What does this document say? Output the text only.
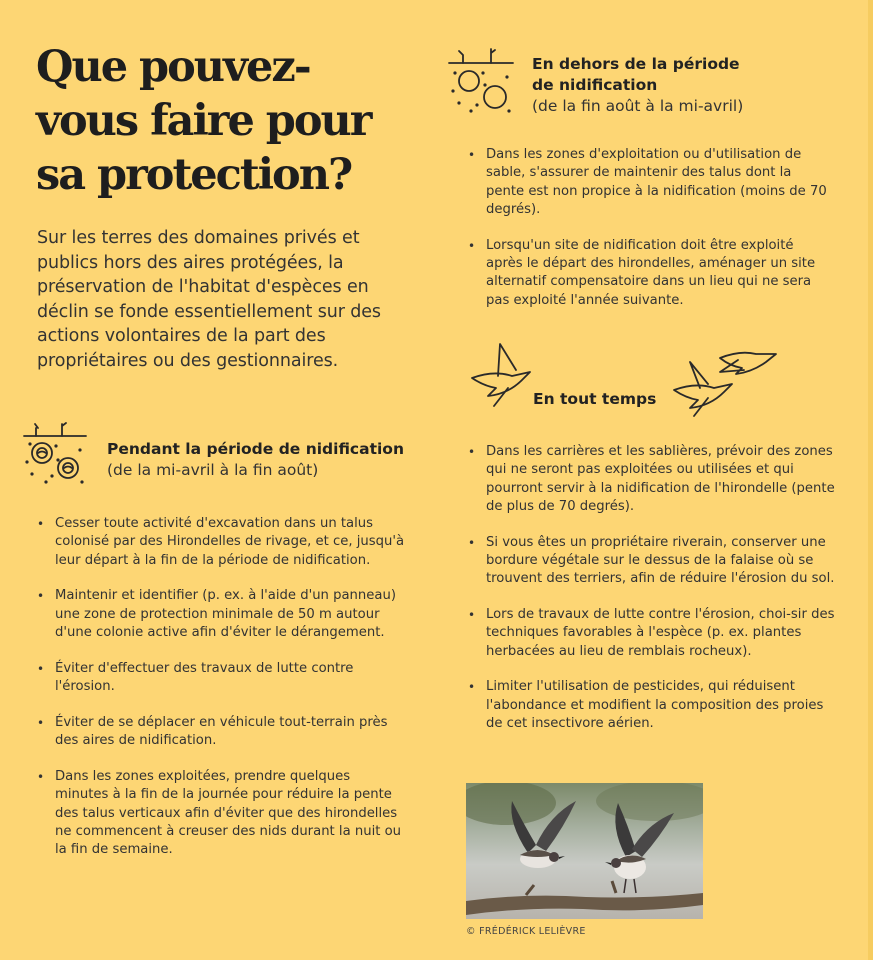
Que pouvez-
vous faire pour
sa protection?
Sur les terres des domaines privés et publics hors des aires protégées, la préservation de l'habitat d'espèces en déclin se fonde essentiellement sur des actions volontaires de la part des propriétaires ou des gestionnaires.
Pendant la période de nidification
(de la mi-avril à la fin août)
• Cesser toute activité d'excavation dans un talus colonisé par des Hirondelles de rivage, et ce, jusqu'à leur départ à la fin de la période de nidification.
• Maintenir et identifier (p. ex. à l'aide d'un panneau) une zone de protection minimale de 50 m autour d'une colonie active afin d'éviter le dérangement.
• Éviter d'effectuer des travaux de lutte contre l'érosion.
• Éviter de se déplacer en véhicule tout-terrain près des aires de nidification.
• Dans les zones exploitées, prendre quelques minutes à la fin de la journée pour réduire la pente des talus verticaux afin d'éviter que des hirondelles ne commencent à creuser des nids durant la nuit ou la fin de semaine.
En dehors de la période
de nidification
(de la fin août à la mi-avril)
• Dans les zones d'exploitation ou d'utilisation de sable, s'assurer de maintenir des talus dont la pente est non propice à la nidification (moins de 70 degrés).
• Lorsqu'un site de nidification doit être exploité après le départ des hirondelles, aménager un site alternatif compensatoire dans un lieu qui ne sera pas exploité l'année suivante.
En tout temps
• Dans les carrières et les sablières, prévoir des zones qui ne seront pas exploitées ou utilisées et qui pourront servir à la nidification de l'hirondelle (pente de plus de 70 degrés).
• Si vous êtes un propriétaire riverain, conserver une bordure végétale sur le dessus de la falaise où se trouvent des terriers, afin de réduire l'érosion du sol.
• Lors de travaux de lutte contre l'érosion, choi-sir des techniques favorables à l'espèce (p. ex. plantes herbacées au lieu de remblais rocheux).
• Limiter l'utilisation de pesticides, qui réduisent l'abondance et modifient la composition des proies de cet insectivore aérien.
© FRÉDÉRICK LELIÈVRE
